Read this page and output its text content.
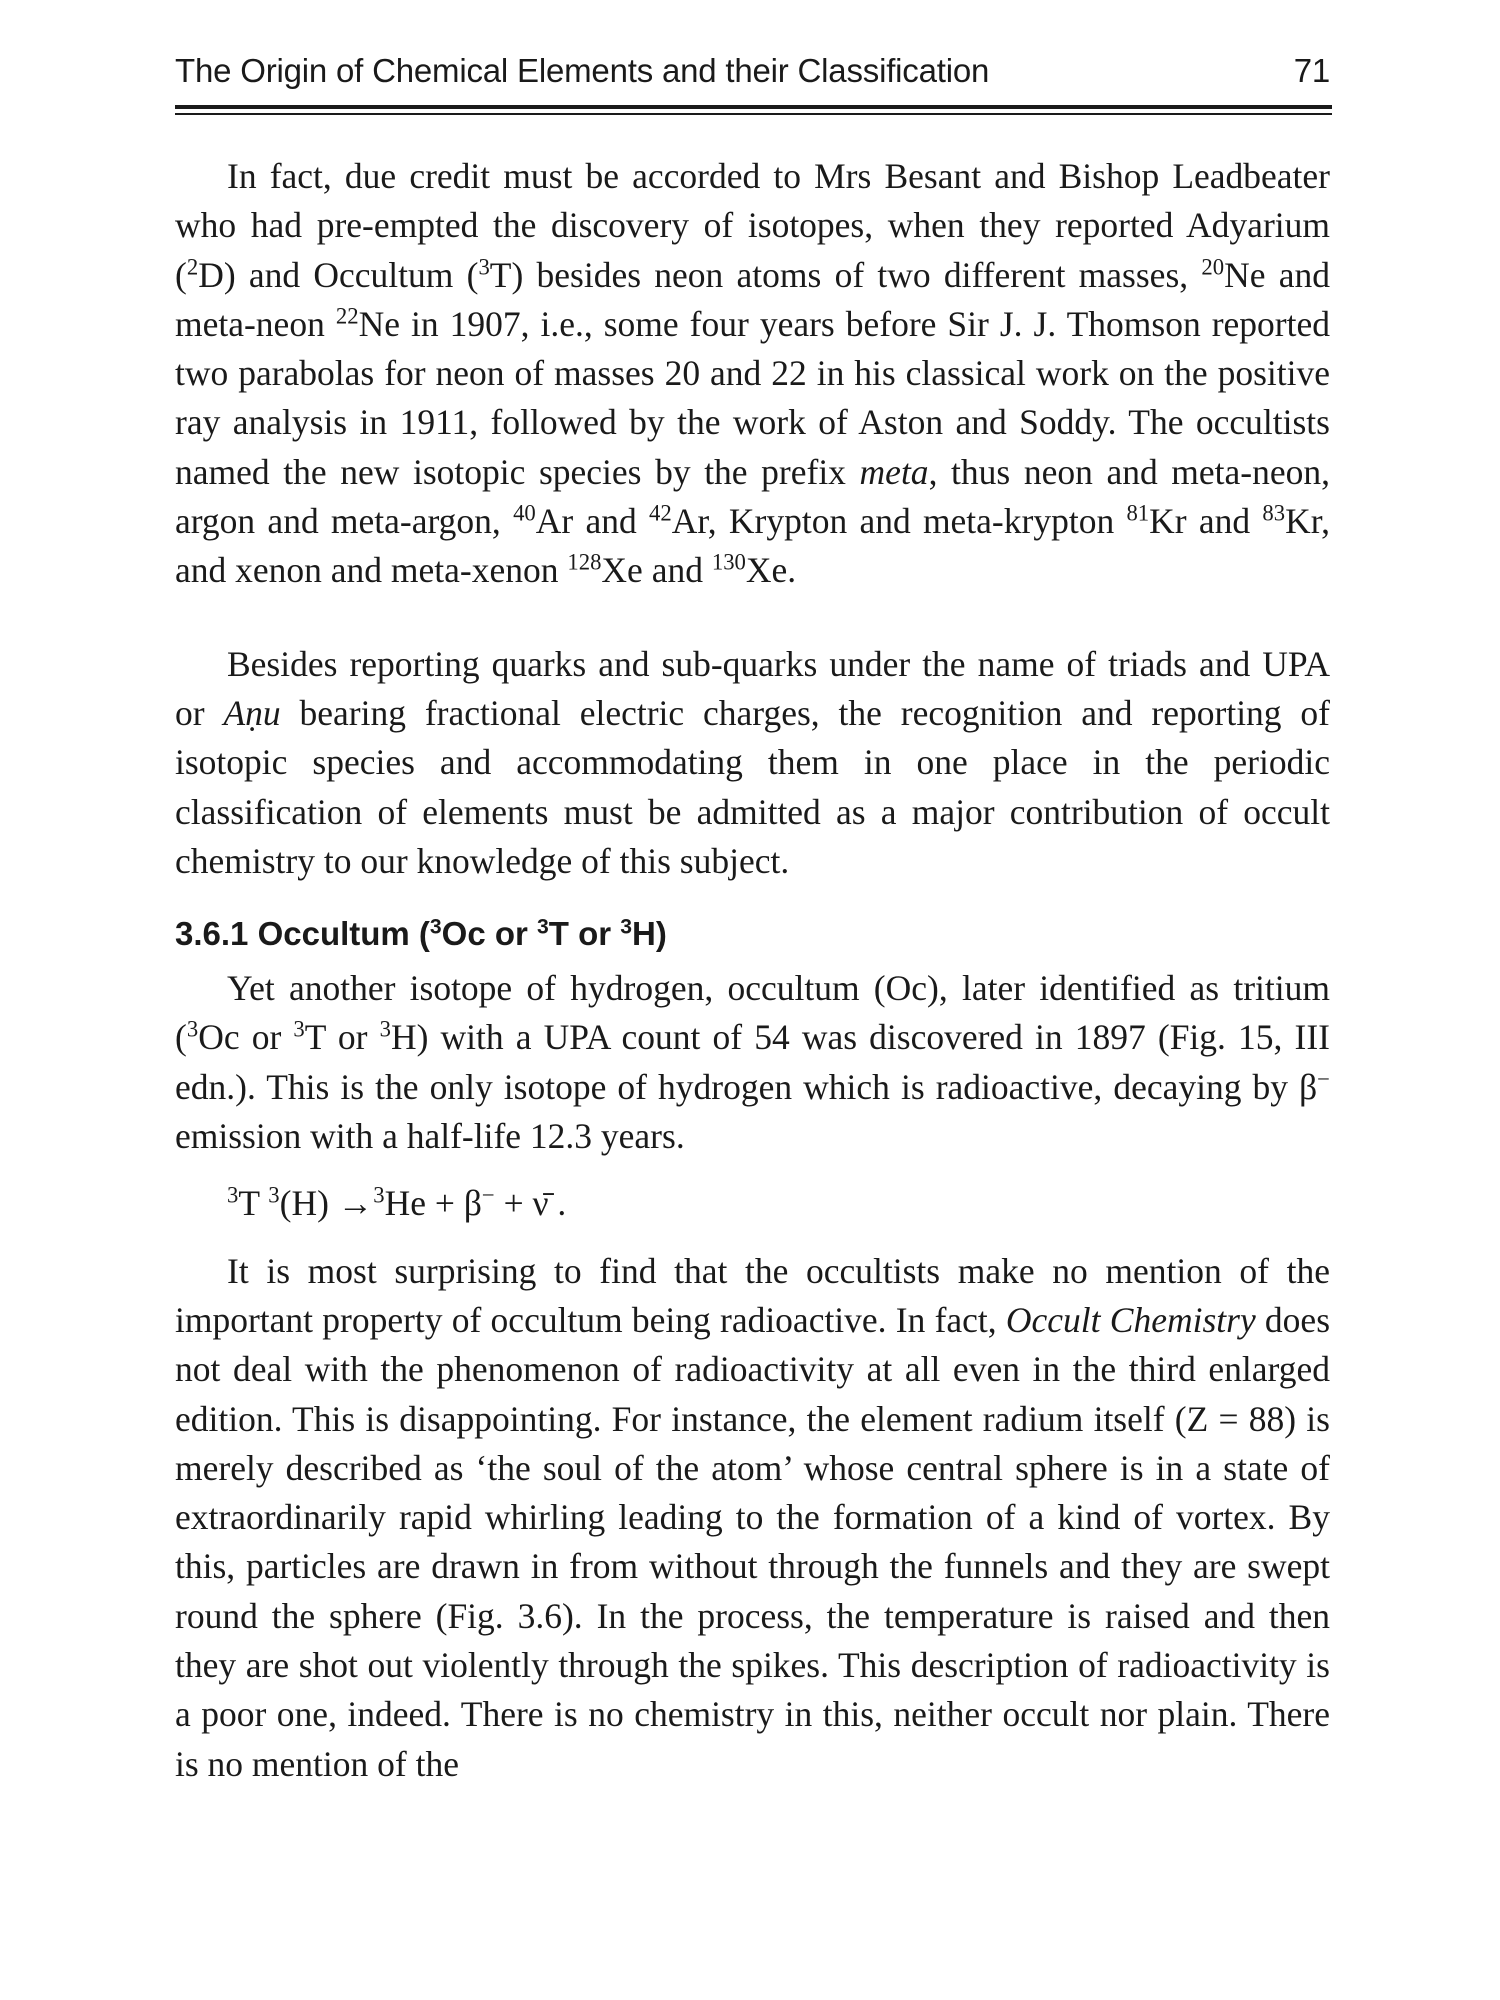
The Origin of Chemical Elements and their Classification	71

In fact, due credit must be accorded to Mrs Besant and Bishop Leadbeater who had pre-empted the discovery of isotopes, when they reported Adyarium ($^2$D) and Occultum ($^3$T) besides neon atoms of two different masses, $^{20}$Ne and meta-neon $^{22}$Ne in 1907, i.e., some four years before Sir J. J. Thomson reported two parabolas for neon of masses 20 and 22 in his classical work on the positive ray analysis in 1911, followed by the work of Aston and Soddy. The occultists named the new isotopic species by the prefix meta, thus neon and meta-neon, argon and meta-argon, $^{40}$Ar and $^{42}$Ar, Krypton and meta-krypton $^{81}$Kr and $^{83}$Kr, and xenon and meta-xenon $^{128}$Xe and $^{130}$Xe.

Besides reporting quarks and sub-quarks under the name of triads and UPA or Aṇu bearing fractional electric charges, the recognition and reporting of isotopic species and accommodating them in one place in the periodic classification of elements must be admitted as a major contribution of occult chemistry to our knowledge of this subject.

3.6.1 Occultum ($^3$Oc or $^3$T or $^3$H)

Yet another isotope of hydrogen, occultum (Oc), later identified as tritium ($^3$Oc or $^3$T or $^3$H) with a UPA count of 54 was discovered in 1897 (Fig. 15, III edn.). This is the only isotope of hydrogen which is radioactive, decaying by β− emission with a half-life 12.3 years.

$^3$T $^3$(H) →$^3$He + β− + ν̄ .

It is most surprising to find that the occultists make no mention of the important property of occultum being radioactive. In fact, Occult Chemistry does not deal with the phenomenon of radioactivity at all even in the third enlarged edition. This is disappointing. For instance, the element radium itself (Z = 88) is merely described as ‘the soul of the atom’ whose central sphere is in a state of extraordinarily rapid whirling leading to the formation of a kind of vortex. By this, particles are drawn in from without through the funnels and they are swept round the sphere (Fig. 3.6). In the process, the temperature is raised and then they are shot out violently through the spikes. This description of radioactivity is a poor one, indeed. There is no chemistry in this, neither occult nor plain. There is no mention of the
